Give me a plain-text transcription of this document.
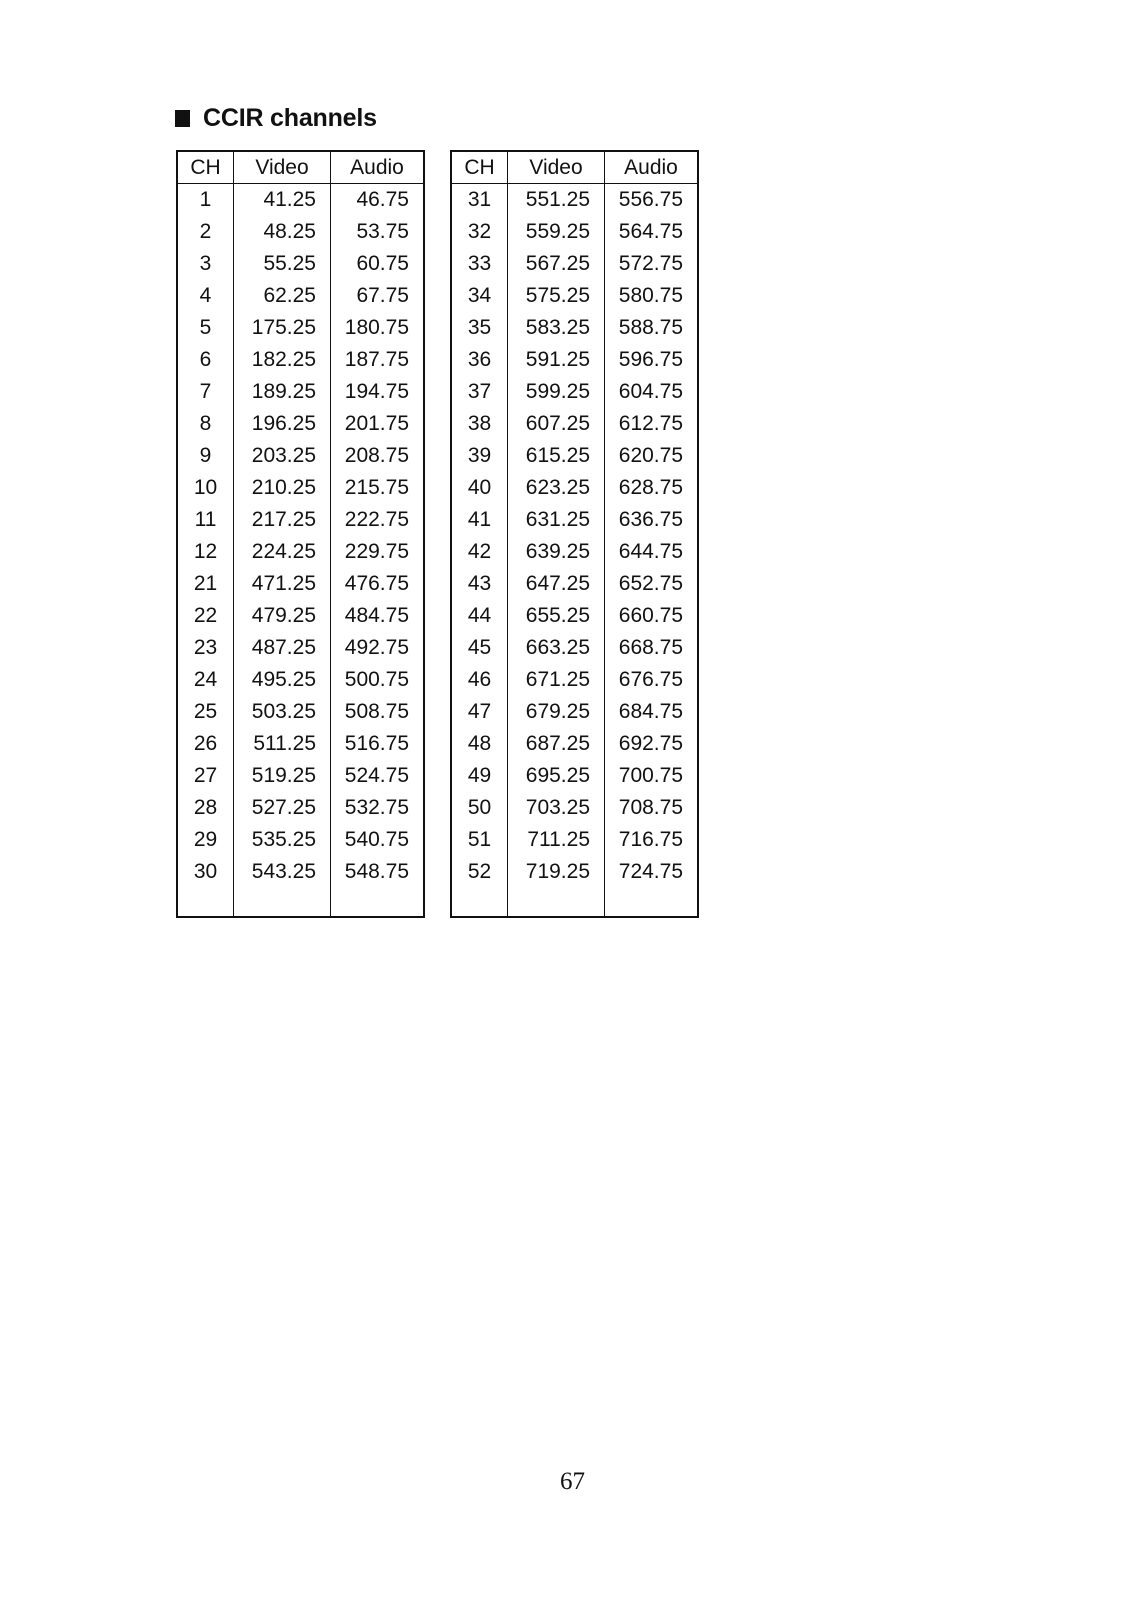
CCIR channels
CH	Video	Audio
1	41.25	46.75
2	48.25	53.75
3	55.25	60.75
4	62.25	67.75
5	175.25	180.75
6	182.25	187.75
7	189.25	194.75
8	196.25	201.75
9	203.25	208.75
10	210.25	215.75
11	217.25	222.75
12	224.25	229.75
21	471.25	476.75
22	479.25	484.75
23	487.25	492.75
24	495.25	500.75
25	503.25	508.75
26	511.25	516.75
27	519.25	524.75
28	527.25	532.75
29	535.25	540.75
30	543.25	548.75

CH	Video	Audio
31	551.25	556.75
32	559.25	564.75
33	567.25	572.75
34	575.25	580.75
35	583.25	588.75
36	591.25	596.75
37	599.25	604.75
38	607.25	612.75
39	615.25	620.75
40	623.25	628.75
41	631.25	636.75
42	639.25	644.75
43	647.25	652.75
44	655.25	660.75
45	663.25	668.75
46	671.25	676.75
47	679.25	684.75
48	687.25	692.75
49	695.25	700.75
50	703.25	708.75
51	711.25	716.75
52	719.25	724.75

67
